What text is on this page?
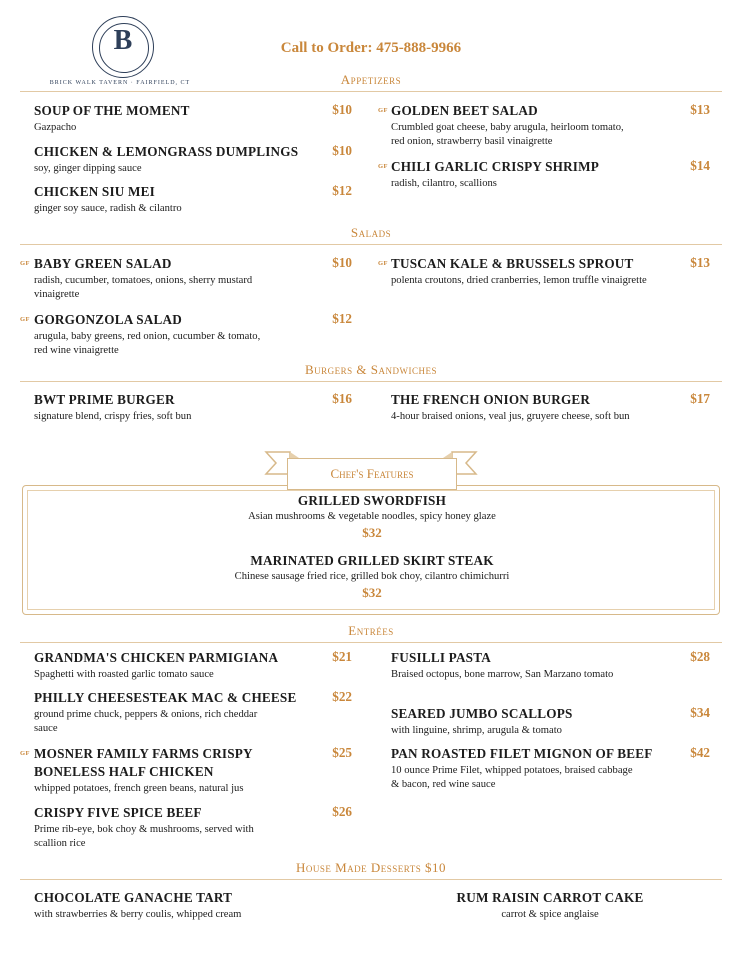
B
BRICK WALK TAVERN · FAIRFIELD, CT
Call to Order: 475-888-9966
Appetizers
SOUP OF THE MOMENT
Gazpacho
$10
CHICKEN & LEMONGRASS DUMPLINGS
soy, ginger dipping sauce
$10
CHICKEN SIU MEI
ginger soy sauce, radish & cilantro
$12
GF GOLDEN BEET SALAD
Crumbled goat cheese, baby arugula, heirloom tomato, red onion, strawberry basil vinaigrette
$13
GF CHILI GARLIC CRISPY SHRIMP
radish, cilantro, scallions
$14
Salads
GF BABY GREEN SALAD
radish, cucumber, tomatoes, onions, sherry mustard vinaigrette
$10
GF GORGONZOLA SALAD
arugula, baby greens, red onion, cucumber & tomato, red wine vinaigrette
$12
GF TUSCAN KALE & BRUSSELS SPROUT
polenta croutons, dried cranberries, lemon truffle vinaigrette
$13
Burgers & Sandwiches
BWT PRIME BURGER
signature blend, crispy fries, soft bun
$16	THE FRENCH ONION BURGER
4-hour braised onions, veal jus, gruyere cheese, soft bun
$17
Chef's Features
GRILLED SWORDFISH
Asian mushrooms & vegetable noodles, spicy honey glaze
$32
MARINATED GRILLED SKIRT STEAK
Chinese sausage fried rice, grilled bok choy, cilantro chimichurri
$32
Entrées
GRANDMA'S CHICKEN PARMIGIANA
Spaghetti with roasted garlic tomato sauce
$21
PHILLY CHEESESTEAK MAC & CHEESE
ground prime chuck, peppers & onions, rich cheddar sauce
$22
GF MOSNER FAMILY FARMS CRISPY BONELESS HALF CHICKEN
whipped potatoes, french green beans, natural jus
$25
CRISPY FIVE SPICE BEEF
Prime rib-eye, bok choy & mushrooms, served with scallion rice
$26
FUSILLI PASTA
Braised octopus, bone marrow, San Marzano tomato
$28
SEARED JUMBO SCALLOPS
with linguine, shrimp, arugula & tomato
$34
PAN ROASTED FILET MIGNON OF BEEF
10 ounce Prime Filet, whipped potatoes, braised cabbage & bacon, red wine sauce
$42
House Made Desserts $10
CHOCOLATE GANACHE TART
with strawberries & berry coulis, whipped cream
RUM RAISIN CARROT CAKE
carrot & spice anglaise
